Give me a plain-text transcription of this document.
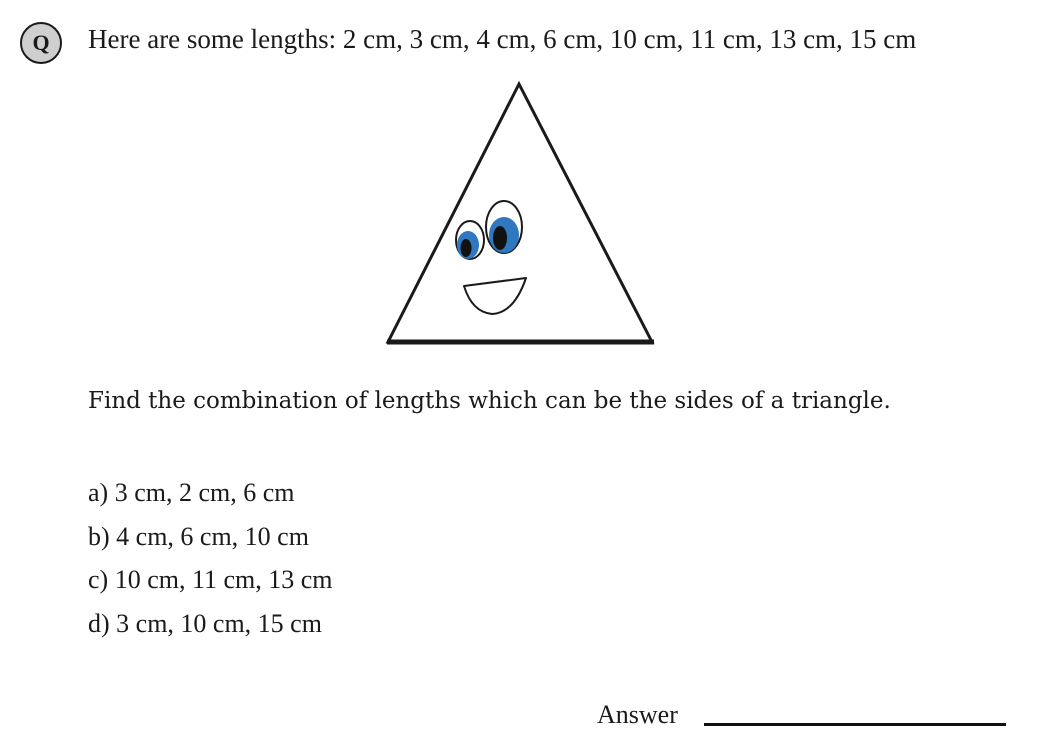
Q	Here are some lengths: 2 cm, 3 cm, 4 cm, 6 cm, 10 cm, 11 cm, 13 cm, 15 cm
Find the combination of lengths which can be the sides of a triangle.
a) 3 cm, 2 cm, 6 cm
b) 4 cm, 6 cm, 10 cm
c) 10 cm, 11 cm, 13 cm
d) 3 cm, 10 cm, 15 cm
Answer
